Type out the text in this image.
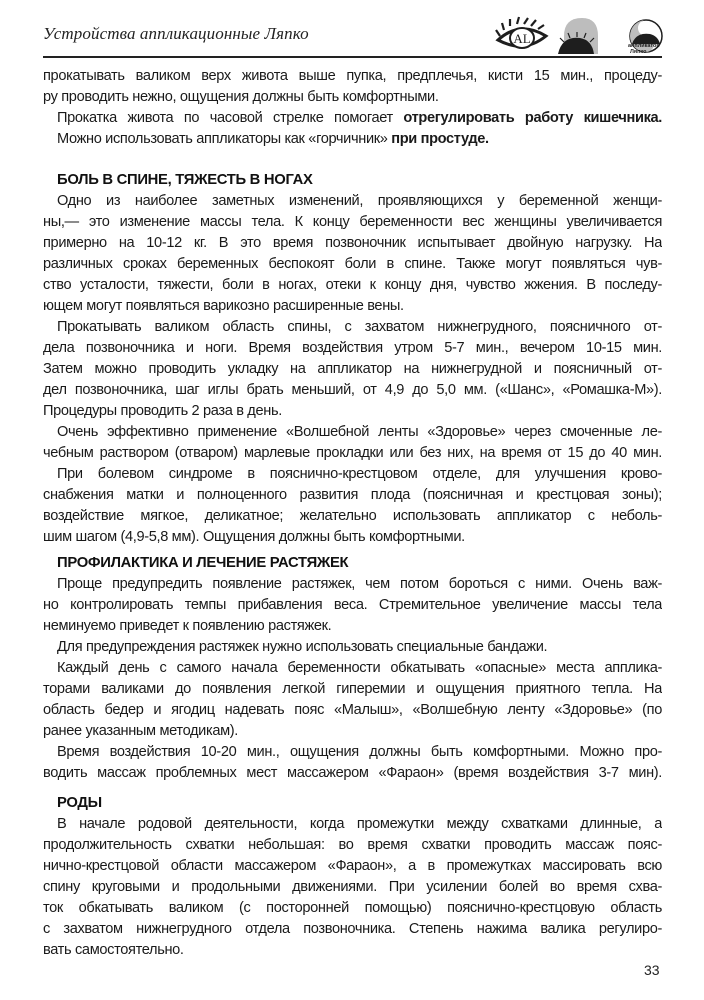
Устройства аппликационные Ляпко	AL	аппликатор
Ляпко
прокатывать валиком верх живота выше пупка, предплечья, кисти 15 мин., процеду-
ру проводить нежно, ощущения должны быть комфортными.
Прокатка живота по часовой стрелке помогает отрегулировать работу кишечника.
Можно использовать аппликаторы как «горчичник» при простуде.
БОЛЬ В СПИНЕ, ТЯЖЕСТЬ В НОГАХ
Одно из наиболее заметных изменений, проявляющихся у беременной женщи-
ны,— это изменение массы тела. К концу беременности вес женщины увеличивается
примерно на 10-12 кг. В это время позвоночник испытывает двойную нагрузку. На
различных сроках беременных беспокоят боли в спине. Также могут появляться чув-
ство усталости, тяжести, боли в ногах, отеки к концу дня, чувство жжения. В последу-
ющем могут появляться варикозно расширенные вены.
Прокатывать валиком область спины, с захватом нижнегрудного, поясничного от-
дела позвоночника и ноги. Время воздействия утром 5-7 мин., вечером 10-15 мин.
Затем можно проводить укладку на аппликатор на нижнегрудной и поясничный от-
дел позвоночника, шаг иглы брать меньший, от 4,9 до 5,0 мм. («Шанс», «Ромашка-М»).
Процедуры проводить 2 раза в день.
Очень эффективно применение «Волшебной ленты «Здоровье» через смоченные ле-
чебным раствором (отваром) марлевые прокладки или без них, на время от 15 до 40 мин.
При болевом синдроме в пояснично-крестцовом отделе, для улучшения крово-
снабжения матки и полноценного развития плода (поясничная и крестцовая зоны);
воздействие мягкое, деликатное; желательно использовать аппликатор с неболь-
шим шагом (4,9-5,8 мм). Ощущения должны быть комфортными.
ПРОФИЛАКТИКА И ЛЕЧЕНИЕ РАСТЯЖЕК
Проще предупредить появление растяжек, чем потом бороться с ними. Очень важ-
но контролировать темпы прибавления веса. Стремительное увеличение массы тела
неминуемо приведет к появлению растяжек.
Для предупреждения растяжек нужно использовать специальные бандажи.
Каждый день с самого начала беременности обкатывать «опасные» места апплика-
торами валиками до появления легкой гиперемии и ощущения приятного тепла. На
область бедер и ягодиц надевать пояс «Малыш», «Волшебную ленту «Здоровье» (по
ранее указанным методикам).
Время воздействия 10-20 мин., ощущения должны быть комфортными. Можно про-
водить массаж проблемных мест массажером «Фараон» (время воздействия 3-7 мин).
РОДЫ
В начале родовой деятельности, когда промежутки между схватками длинные, а
продолжительность схватки небольшая: во время схватки проводить массаж пояс-
нично-крестцовой области массажером «Фараон», а в промежутках массировать всю
спину круговыми и продольными движениями. При усилении болей во время схва-
ток обкатывать валиком (с посторонней помощью) пояснично-крестцовую область
с захватом нижнегрудного отдела позвоночника. Степень нажима валика регулиро-
вать самостоятельно.
33
